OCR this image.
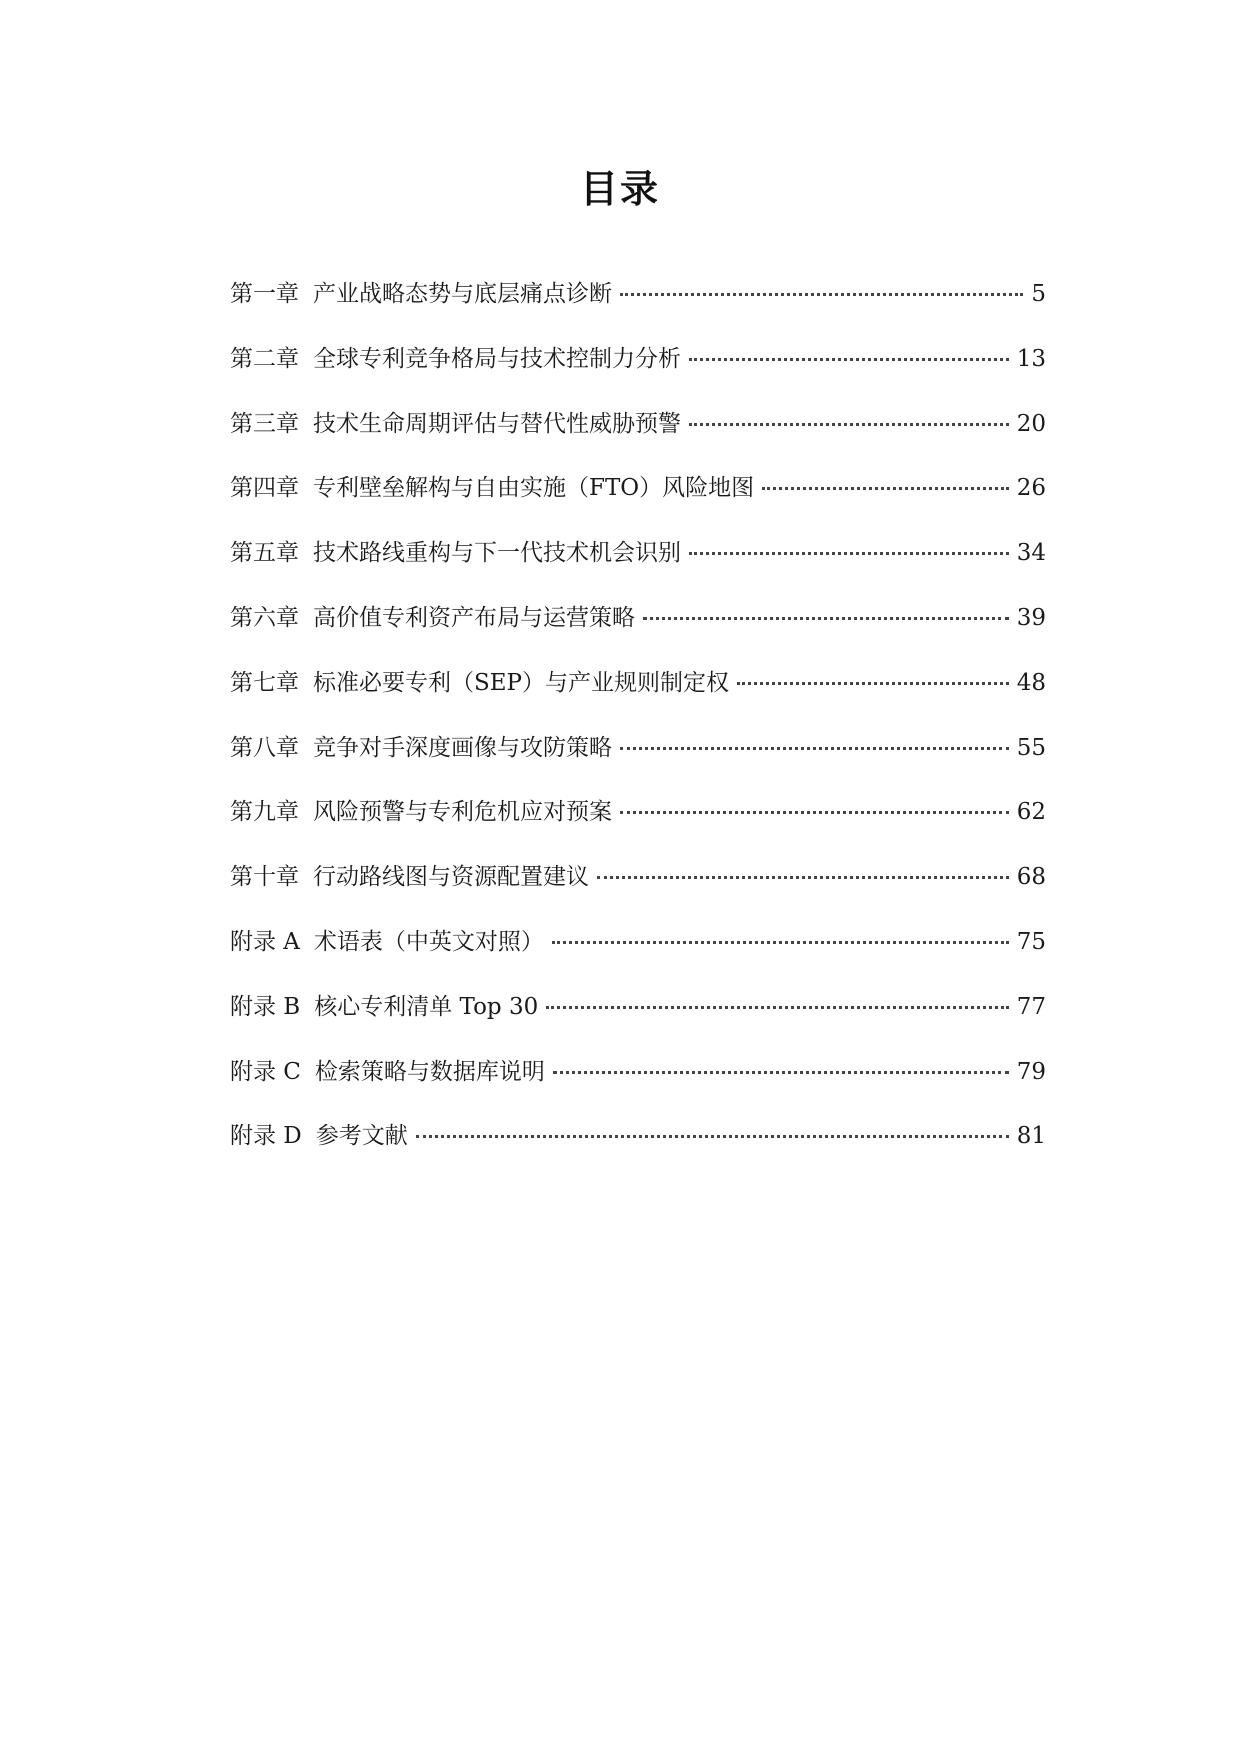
目录
第一章 产业战略态势与底层痛点诊断	5
第二章 全球专利竞争格局与技术控制力分析	13
第三章 技术生命周期评估与替代性威胁预警	20
第四章 专利壁垒解构与自由实施（FTO）风险地图	26
第五章 技术路线重构与下一代技术机会识别	34
第六章 高价值专利资产布局与运营策略	39
第七章 标准必要专利（SEP）与产业规则制定权	48
第八章 竞争对手深度画像与攻防策略	55
第九章 风险预警与专利危机应对预案	62
第十章 行动路线图与资源配置建议	68
附录 A 术语表（中英文对照）	75
附录 B 核心专利清单 Top 30	77
附录 C 检索策略与数据库说明	79
附录 D 参考文献	81
